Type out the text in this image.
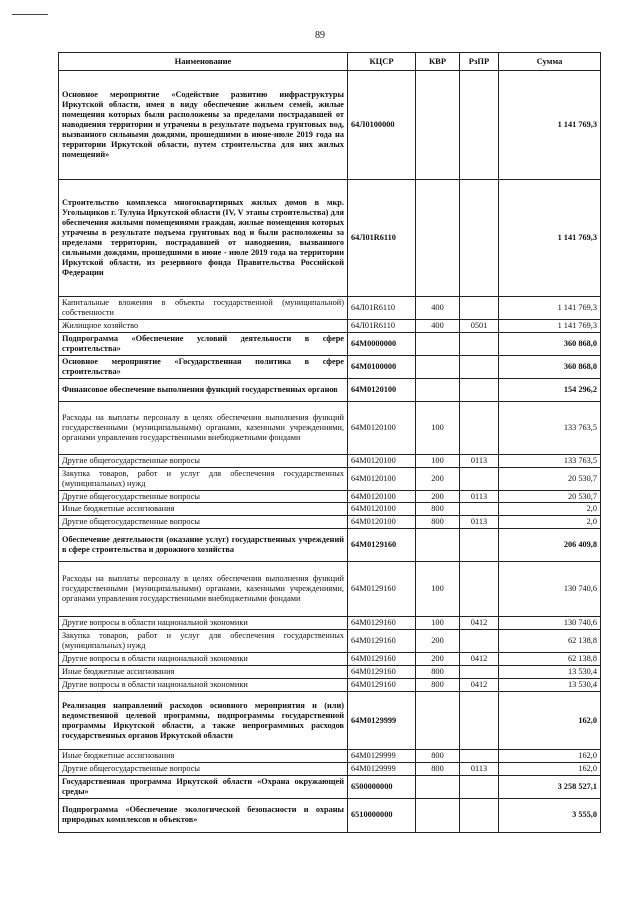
89
Наименование	КЦСР	КВР	РзПР	Сумма
Основное мероприятие «Содействие развитию инфраструктуры Иркутской области, имея в виду обеспечение жильем семей, жилые помещения которых были расположены за пределами пострадавшей от наводнения территории и утрачены в результате подъема грунтовых вод, вызванного сильными дождями, прошедшими в июне-июле 2019 года на территории Иркутской области, путем строительства для них жилых помещений»	64Л0100000			1 141 769,3
Строительство комплекса многоквартирных жилых домов в мкр. Угольщиков г. Тулуна Иркутской области (IV, V этапы строительства) для обеспечения жилыми помещениями граждан, жилые помещения которых утрачены в результате подъема грунтовых вод и были расположены за пределами территории, пострадавшей от наводнения, вызванного сильными дождями, прошедшими в июне - июле 2019 года на территории Иркутской области, из резервного фонда Правительства Российской Федерации	64Л01R6110			1 141 769,3
Капитальные вложения в объекты государственной (муниципальной) собственности	64Л01R6110	400		1 141 769,3
Жилищное хозяйство	64Л01R6110	400	0501	1 141 769,3
Подпрограмма «Обеспечение условий деятельности в сфере строительства»	64М0000000			360 868,0
Основное мероприятие «Государственная политика в сфере строительства»	64М0100000			360 868,0
Финансовое обеспечение выполнения функций государственных органов	64М0120100			154 296,2
Расходы на выплаты персоналу в целях обеспечения выполнения функций государственными (муниципальными) органами, казенными учреждениями, органами управления государственными внебюджетными фондами	64М0120100	100		133 763,5
Другие общегосударственные вопросы	64М0120100	100	0113	133 763,5
Закупка товаров, работ и услуг для обеспечения государственных (муниципальных) нужд	64М0120100	200		20 530,7
Другие общегосударственные вопросы	64М0120100	200	0113	20 530,7
Иные бюджетные ассигнования	64М0120100	800		2,0
Другие общегосударственные вопросы	64М0120100	800	0113	2,0
Обеспечение деятельности (оказание услуг) государственных учреждений в сфере строительства и дорожного хозяйства	64М0129160			206 409,8
Расходы на выплаты персоналу в целях обеспечения выполнения функций государственными (муниципальными) органами, казенными учреждениями, органами управления государственными внебюджетными фондами	64М0129160	100		130 740,6
Другие вопросы в области национальной экономики	64М0129160	100	0412	130 740,6
Закупка товаров, работ и услуг для обеспечения государственных (муниципальных) нужд	64М0129160	200		62 138,8
Другие вопросы в области национальной экономики	64М0129160	200	0412	62 138,8
Иные бюджетные ассигнования	64М0129160	800		13 530,4
Другие вопросы в области национальной экономики	64М0129160	800	0412	13 530,4
Реализация направлений расходов основного мероприятия и (или) ведомственной целевой программы, подпрограммы государственной программы Иркутской области, а также непрограммных расходов государственных органов Иркутской области	64М0129999			162,0
Иные бюджетные ассигнования	64М0129999	800		162,0
Другие общегосударственные вопросы	64М0129999	800	0113	162,0
Государственная программа Иркутской области «Охрана окружающей среды»	6500000000			3 258 527,1
Подпрограмма «Обеспечение экологической безопасности и охраны природных комплексов и объектов»	6510000000			3 555,0
